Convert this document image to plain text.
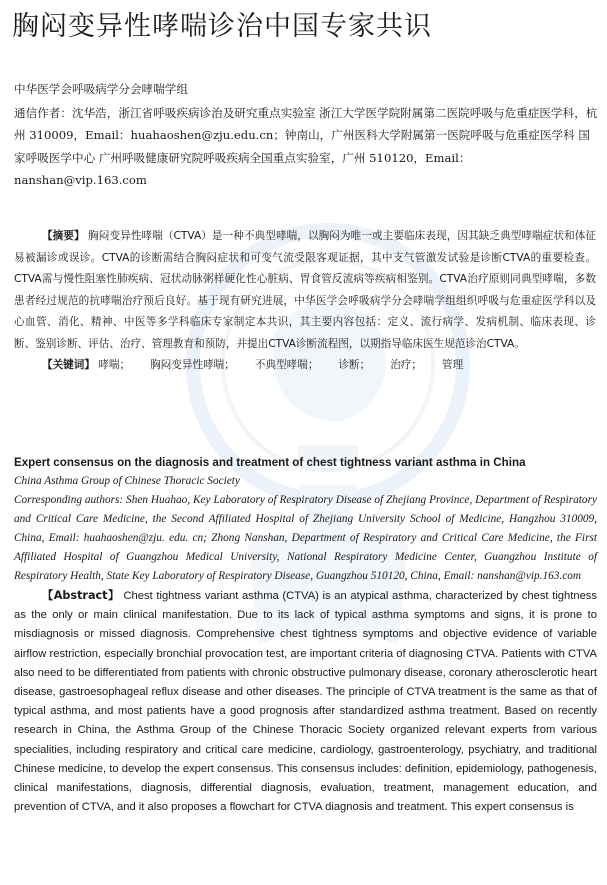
胸闷变异性哮喘诊治中国专家共识

中华医学会呼吸病学分会哮喘学组

通信作者：沈华浩，浙江省呼吸疾病诊治及研究重点实验室 浙江大学医学院附属第二医院呼吸与危重症医学科，杭州 310009，Email：huahaoshen@zju.edu.cn；钟南山，广州医科大学附属第一医院呼吸与危重症医学科 国家呼吸医学中心 广州呼吸健康研究院呼吸疾病全国重点实验室，广州 510120，Email：nanshan@vip.163.com

【摘要】 胸闷变异性哮喘（CTVA）是一种不典型哮喘，以胸闷为唯一或主要临床表现，因其缺乏典型哮喘症状和体征易被漏诊或误诊。CTVA的诊断需结合胸闷症状和可变气流受限客观证据，其中支气管激发试验是诊断CTVA的重要检查。CTVA需与慢性阻塞性肺疾病、冠状动脉粥样硬化性心脏病、胃食管反流病等疾病相鉴别。CTVA治疗原则同典型哮喘，多数患者经过规范的抗哮喘治疗预后良好。基于现有研究进展，中华医学会呼吸病学分会哮喘学组组织呼吸与危重症医学科以及心血管、消化、精神、中医等多学科临床专家制定本共识，其主要内容包括：定义、流行病学、发病机制、临床表现、诊断、鉴别诊断、评估、治疗、管理教育和预防，并提出CTVA诊断流程图，以期指导临床医生规范诊治CTVA。

【关键词】 哮喘； 胸闷变异性哮喘； 不典型哮喘； 诊断； 治疗； 管理

Expert consensus on the diagnosis and treatment of chest tightness variant asthma in China

China Asthma Group of Chinese Thoracic Society

Corresponding authors: Shen Huahao, Key Laboratory of Respiratory Disease of Zhejiang Province, Department of Respiratory and Critical Care Medicine, the Second Affiliated Hospital of Zhejiang University School of Medicine, Hangzhou 310009, China, Email: huahaoshen@zju. edu. cn; Zhong Nanshan, Department of Respiratory and Critical Care Medicine, the First Affiliated Hospital of Guangzhou Medical University, National Respiratory Medicine Center, Guangzhou Institute of Respiratory Health, State Key Laboratory of Respiratory Disease, Guangzhou 510120, China, Email: nanshan@vip.163.com

【Abstract】 Chest tightness variant asthma (CTVA) is an atypical asthma, characterized by chest tightness as the only or main clinical manifestation. Due to its lack of typical asthma symptoms and signs, it is prone to misdiagnosis or missed diagnosis. Comprehensive chest tightness symptoms and objective evidence of variable airflow restriction, especially bronchial provocation test, are important criteria of diagnosing CTVA. Patients with CTVA also need to be differentiated from patients with chronic obstructive pulmonary disease, coronary atherosclerotic heart disease, gastroesophageal reflux disease and other diseases. The principle of CTVA treatment is the same as that of typical asthma, and most patients have a good prognosis after standardized asthma treatment. Based on recently research in China, the Asthma Group of the Chinese Thoracic Society organized relevant experts from various specialities, including respiratory and critical care medicine, cardiology, gastroenterology, psychiatry, and traditional Chinese medicine, to develop the expert consensus. This consensus includes: definition, epidemiology, pathogenesis, clinical manifestations, diagnosis, differential diagnosis, evaluation, treatment, management education, and prevention of CTVA, and it also proposes a flowchart for CTVA diagnosis and treatment. This expert consensus is
